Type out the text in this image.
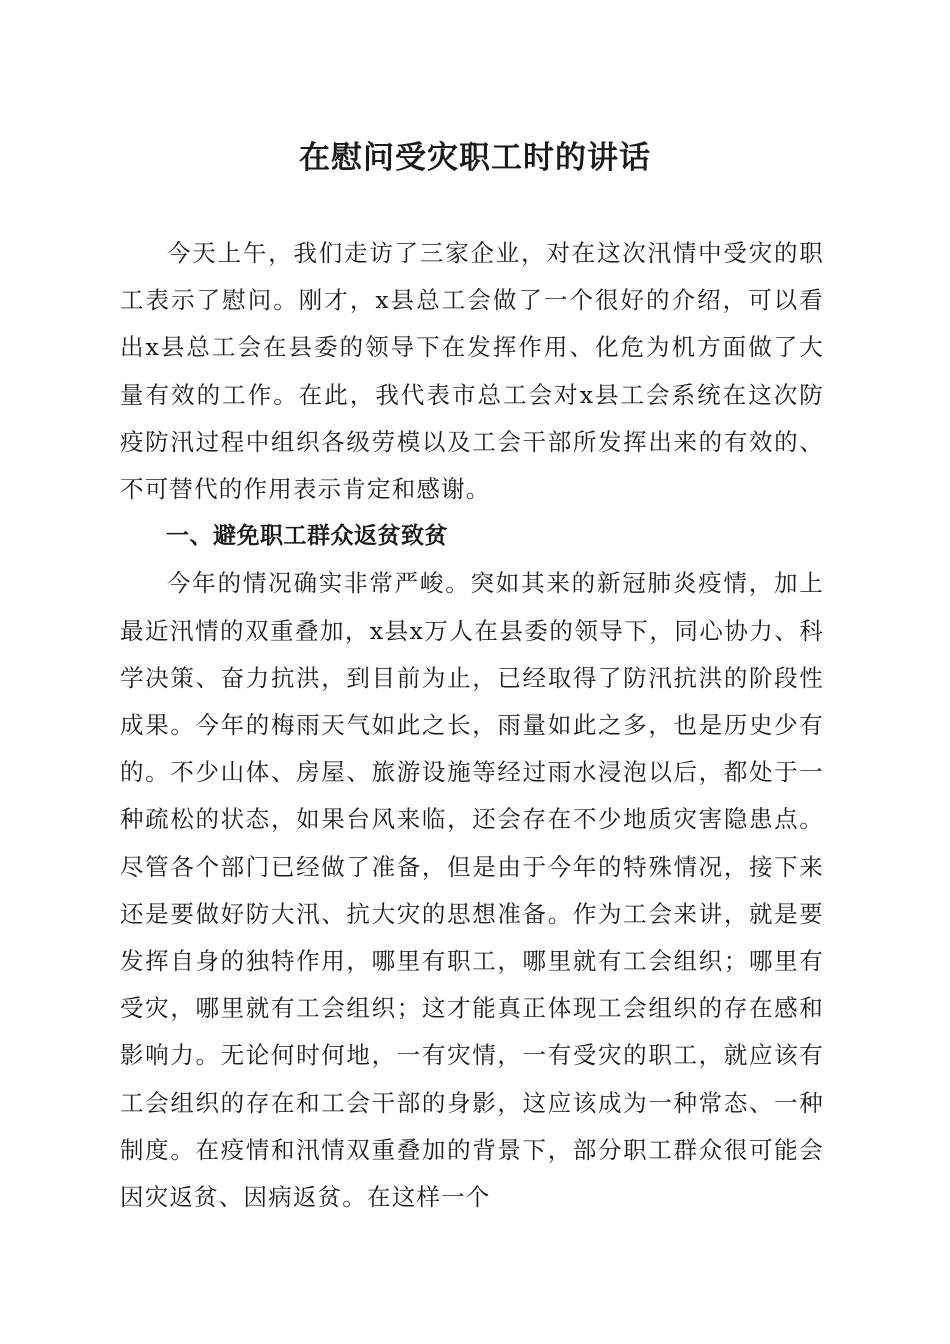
在慰问受灾职工时的讲话

今天上午，我们走访了三家企业，对在这次汛情中受灾的职工表示了慰问。刚才，x县总工会做了一个很好的介绍，可以看出x县总工会在县委的领导下在发挥作用、化危为机方面做了大量有效的工作。在此，我代表市总工会对x县工会系统在这次防疫防汛过程中组织各级劳模以及工会干部所发挥出来的有效的、不可替代的作用表示肯定和感谢。

一、避免职工群众返贫致贫

今年的情况确实非常严峻。突如其来的新冠肺炎疫情，加上最近汛情的双重叠加，x县x万人在县委的领导下，同心协力、科学决策、奋力抗洪，到目前为止，已经取得了防汛抗洪的阶段性成果。今年的梅雨天气如此之长，雨量如此之多，也是历史少有的。不少山体、房屋、旅游设施等经过雨水浸泡以后，都处于一种疏松的状态，如果台风来临，还会存在不少地质灾害隐患点。尽管各个部门已经做了准备，但是由于今年的特殊情况，接下来还是要做好防大汛、抗大灾的思想准备。作为工会来讲，就是要发挥自身的独特作用，哪里有职工，哪里就有工会组织；哪里有受灾，哪里就有工会组织；这才能真正体现工会组织的存在感和影响力。无论何时何地，一有灾情，一有受灾的职工，就应该有工会组织的存在和工会干部的身影，这应该成为一种常态、一种制度。在疫情和汛情双重叠加的背景下，部分职工群众很可能会因灾返贫、因病返贫。在这样一个
